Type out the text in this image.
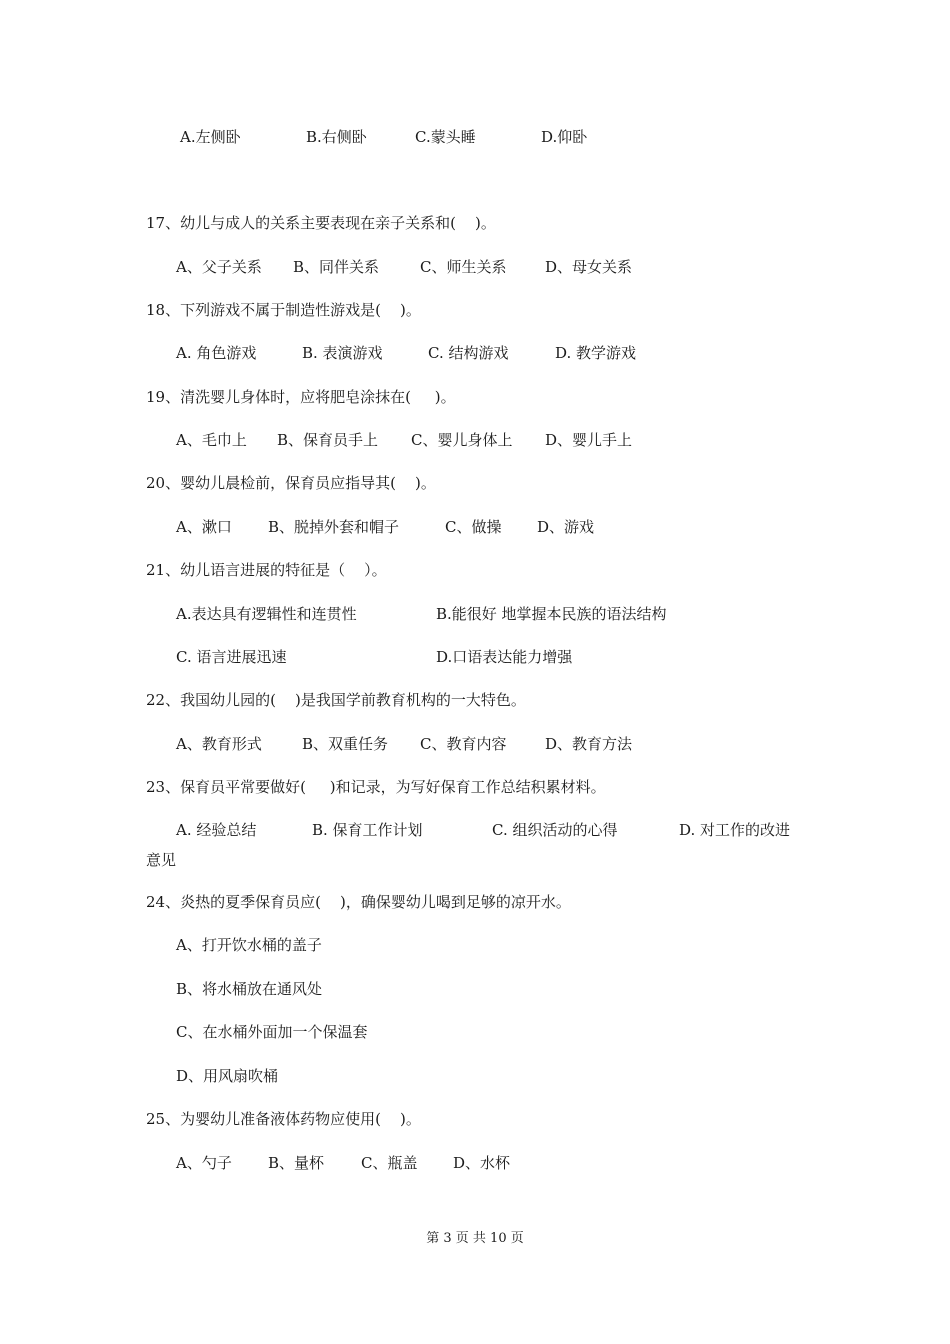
A.左侧卧	B.右侧卧	C.蒙头睡	D.仰卧
17、幼儿与成人的关系主要表现在亲子关系和(    )。
A、父子关系 B、同伴关系	C、师生关系	D、母女关系
18、下列游戏不属于制造性游戏是(    )。
A. 角色游戏	B. 表演游戏	C. 结构游戏	D. 教学游戏
19、清洗婴儿身体时，应将肥皂涂抹在(     )。
A、毛巾上 B、保育员手上 C、婴儿身体上 D、婴儿手上
20、婴幼儿晨检前，保育员应指导其(    )。
A、漱口 B、脱掉外套和帽子	C、做操 D、游戏
21、幼儿语言进展的特征是（    ）。
A.表达具有逻辑性和连贯性	B.能很好 地掌握本民族的语法结构
C. 语言进展迅速	D.口语表达能力增强
22、我国幼儿园的(    )是我国学前教育机构的一大特色。
A、教育形式	B、双重任务 C、教育内容	D、教育方法
23、保育员平常要做好(     )和记录，为写好保育工作总结积累材料。
A. 经验总结	B. 保育工作计划	C. 组织活动的心得	D. 对工作的改进
意见
24、炎热的夏季保育员应(    )，确保婴幼儿喝到足够的凉开水。
A、打开饮水桶的盖子
B、将水桶放在通风处
C、在水桶外面加一个保温套
D、用风扇吹桶
25、为婴幼儿准备液体药物应使用(    )。
A、勺子 B、量杯 C、瓶盖 D、水杯
第 3 页 共 10 页
